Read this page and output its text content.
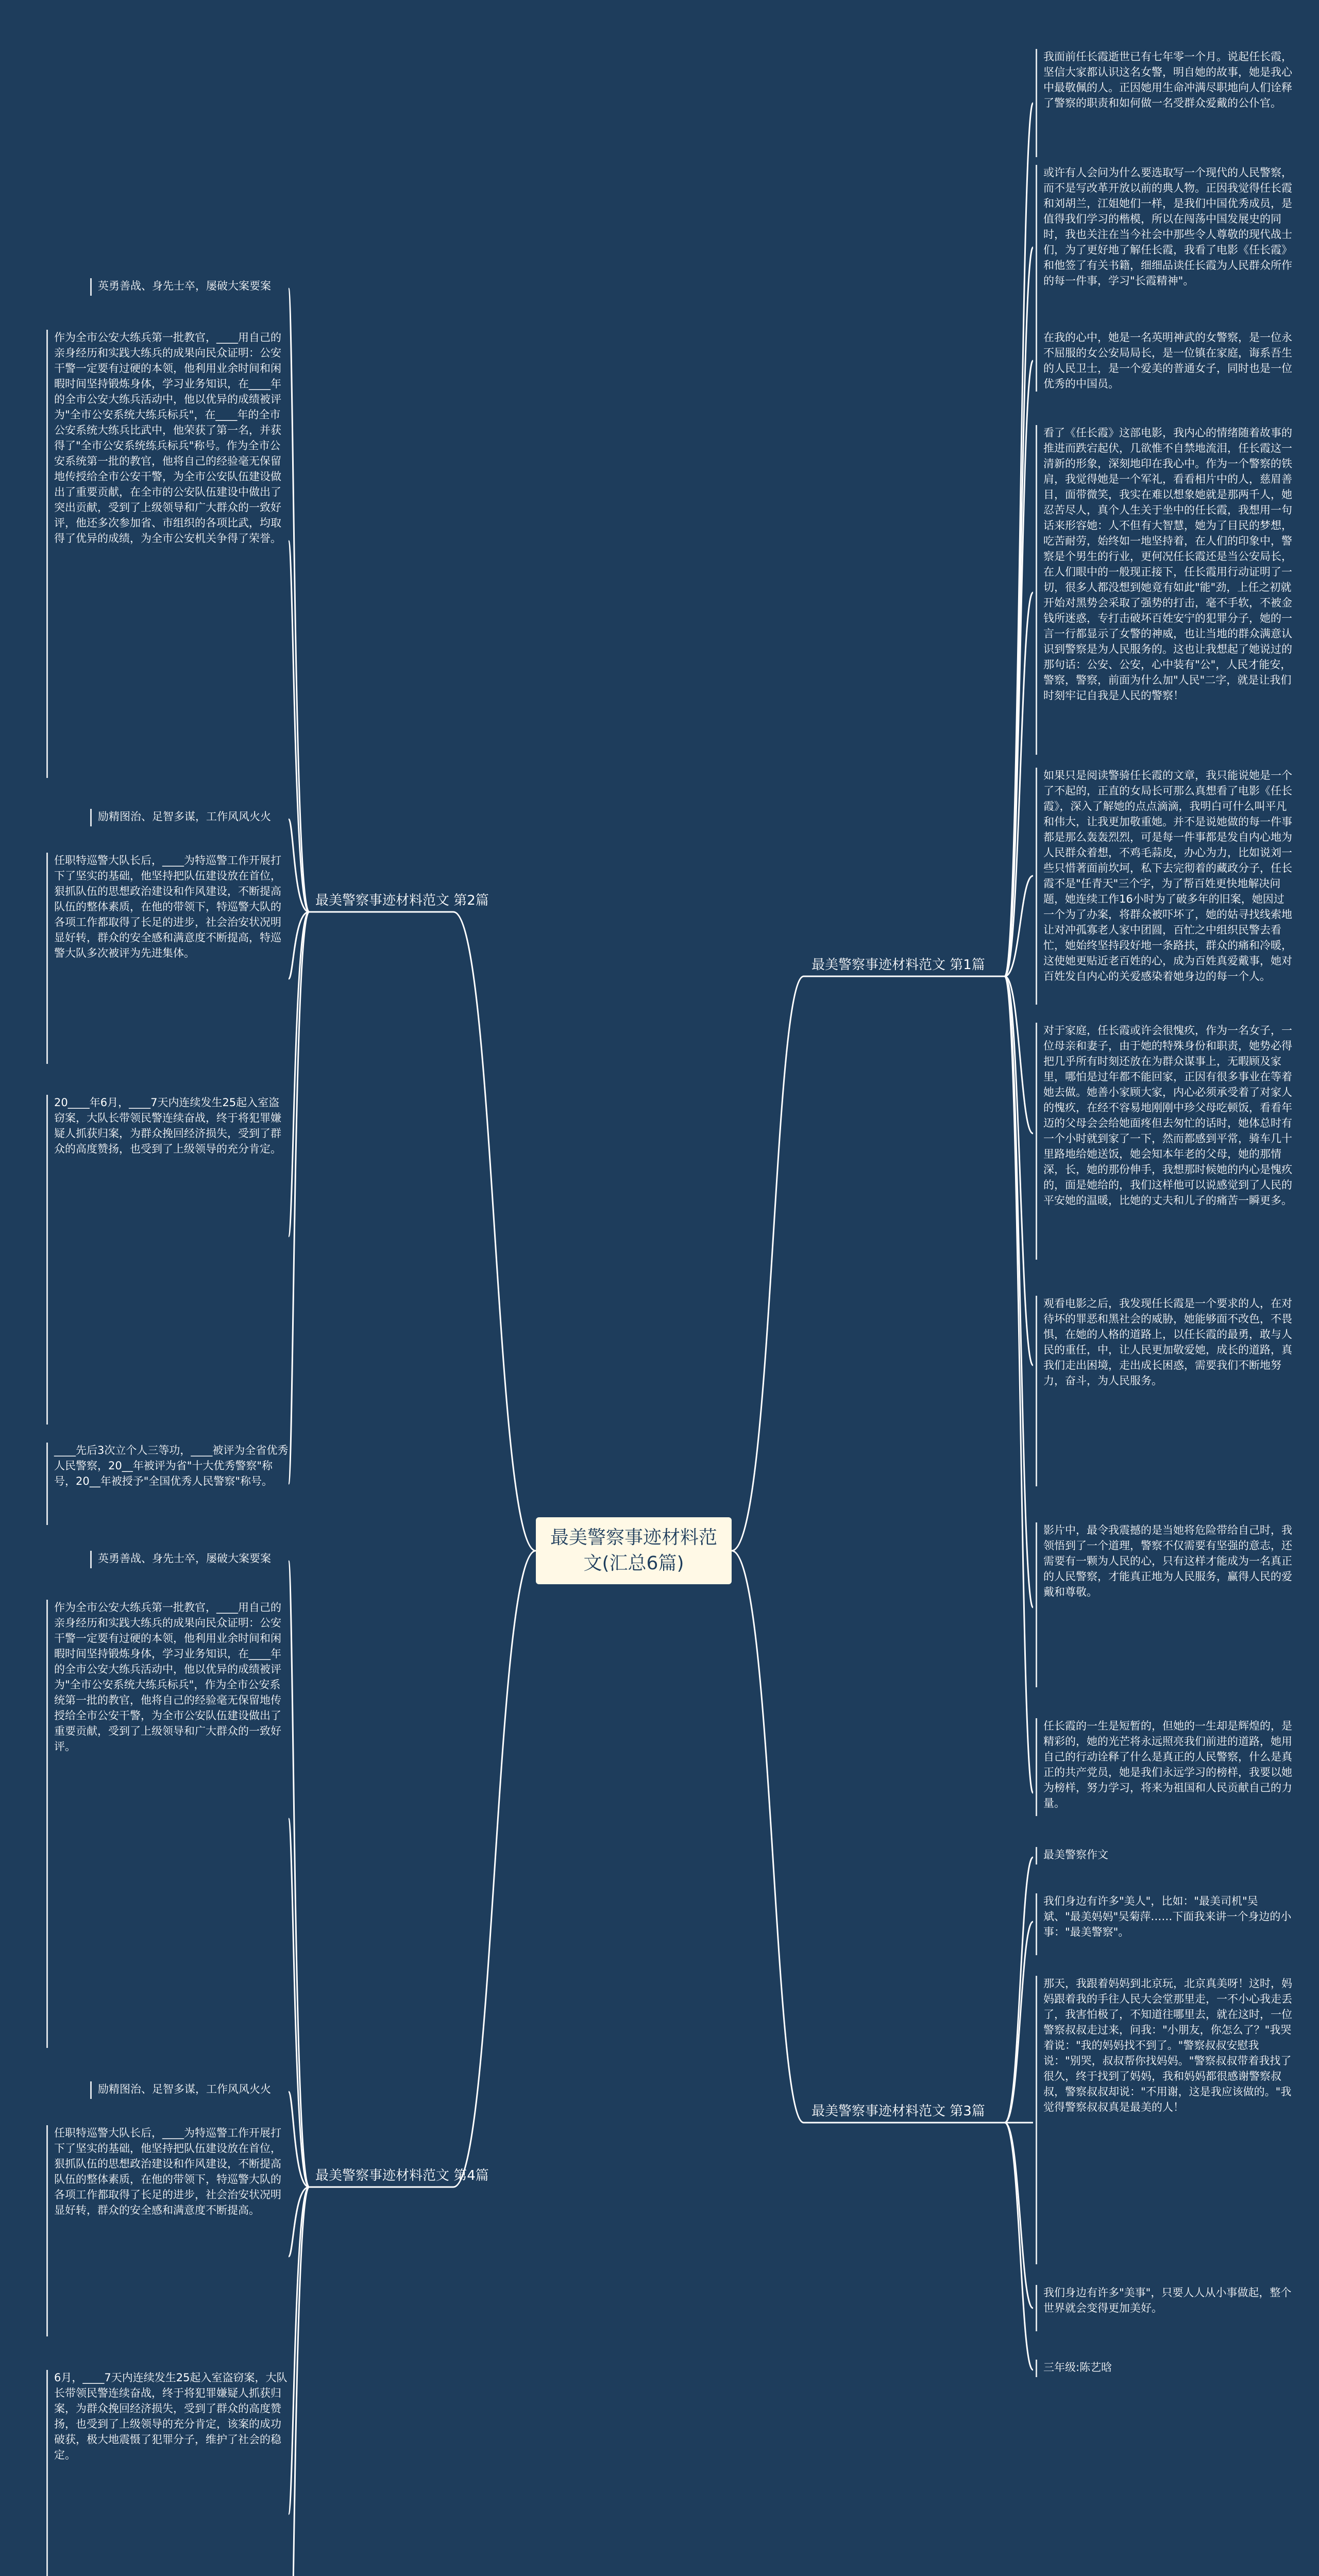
最美警察事迹材料范文(汇总6篇)
最美警察事迹材料范文 第1篇
最美警察事迹材料范文 第3篇
最美警察事迹材料范文 第2篇
最美警察事迹材料范文 第4篇
我面前任长霞逝世已有七年零一个月。说起任长霞，坚信大家都认识这名女警，明自她的故事，她是我心中最敬佩的人。正因她用生命冲满尽职地向人们诠释了警察的职责和如何做一名受群众爱戴的公仆官。
或许有人会问为什么要选取写一个现代的人民警察，而不是写改革开放以前的典人物。正因我觉得任长霞和刘胡兰，江姐她们一样，是我们中国优秀成员，是值得我们学习的楷模，所以在闯荡中国发展史的同时，我也关注在当今社会中那些令人尊敬的现代战士们，为了更好地了解任长霞，我看了电影《任长霞》和他签了有关书籍，细细品读任长霞为人民群众所作的每一件事，学习"长霞精神"。
在我的心中，她是一名英明神武的女警察，是一位永不屈服的女公安局局长，是一位镇在家庭，诲系吾生的人民卫士，是一个爱美的普通女子，同时也是一位优秀的中国员。
看了《任长霞》这部电影，我内心的情绪随着故事的推进而跌宕起伏，几欲惟不自禁地流泪，任长霞这一清新的形象，深刻地印在我心中。作为一个警察的铁肩，我觉得她是一个军礼，看看相片中的人，慈眉善目，面带微笑，我实在难以想象她就是那两千人，她忍苦尽人，真个人生关于坐中的任长霞，我想用一句话来形容她：人不但有大智慧，她为了目民的梦想，吃苦耐劳，始终如一地坚持着，在人们的印象中，警察是个男生的行业，更何况任长霞还是当公安局长，在人们眼中的一般现正接下，任长霞用行动证明了一切，很多人都没想到她竟有如此"能"劲，上任之初就开始对黑势会采取了强势的打击，毫不手软，不被金钱所迷惑，专打击破坏百姓安宁的犯罪分子，她的一言一行都显示了女警的神威，也让当地的群众满意认识到警察是为人民服务的。这也让我想起了她说过的那句话：公安、公安，心中装有"公"，人民才能安，警察，警察，前面为什么加"人民"二字，就是让我们时刻牢记自我是人民的警察！
如果只是阅读警骑任长霞的文章，我只能说她是一个了不起的，正直的女局长可那么真想看了电影《任长霞》，深入了解她的点点滴滴，我明白可什么叫平凡和伟大，让我更加敬重她。并不是说她做的每一件事都是那么轰轰烈烈，可是每一件事都是发自内心地为人民群众着想，不鸡毛蒜皮，办心为力，比如说刘一些只惜著面前坎坷，私下去完彻着的藏政分子，任长霞不是"任青天"三个字，为了帮百姓更快地解决问题，她连续工作16小时为了破多年的旧案，她因过一个为了办案，将群众被吓坏了，她的姑寻找线索地让对冲孤寡老人家中团圆，百忙之中组织民警去看忙，她始终坚持段好地一条路扶，群众的痛和冷暖，这使她更贴近老百姓的心，成为百姓真爱戴事，她对百姓发自内心的关爱感染着她身边的每一个人。
对于家庭，任长霞或许会很愧疚，作为一名女子，一位母亲和妻子，由于她的特殊身份和职责，她势必得把几乎所有时刻还放在为群众谋事上，无暇顾及家里，哪怕是过年都不能回家，正因有很多事业在等着她去做。她善小家顾大家，内心必须承受着了对家人的愧疚，在经不容易地刚刚中珍父母吃顿饭，看看年迈的父母会会给她面疼但去匆忙的话时，她体总时有一个小时就到家了一下，然而都感到平常，骑车几十里路地给她送饭，她会知本年老的父母，她的那情深，长，她的那份伸手，我想那时候她的内心是愧疚的，面是她给的，我们这样他可以说感觉到了人民的平安她的温暖，比她的丈夫和儿子的痛苦一瞬更多。
观看电影之后，我发现任长霞是一个要求的人，在对待坏的罪恶和黑社会的威胁，她能够面不改色，不畏惧，在她的人格的道路上，以任长霞的最勇，敢与人民的重任，中，让人民更加敬爱她，成长的道路，真我们走出困境，走出成长困惑，需要我们不断地努力，奋斗，为人民服务。
影片中，最令我震撼的是当她将危险带给自己时，我领悟到了一个道理，警察不仅需要有坚强的意志，还需要有一颗为人民的心，只有这样才能成为一名真正的人民警察，才能真正地为人民服务，赢得人民的爱戴和尊敬。
任长霞的一生是短暂的，但她的一生却是辉煌的，是精彩的，她的光芒将永远照亮我们前进的道路，她用自己的行动诠释了什么是真正的人民警察，什么是真正的共产党员，她是我们永远学习的榜样，我要以她为榜样，努力学习，将来为祖国和人民贡献自己的力量。
最美警察作文
我们身边有许多"美人"，比如："最美司机"吴斌、"最美妈妈"吴菊萍……下面我来讲一个身边的小事："最美警察"。
那天，我跟着妈妈到北京玩，北京真美呀！这时，妈妈跟着我的手往人民大会堂那里走，一不小心我走丢了，我害怕极了，不知道往哪里去，就在这时，一位警察叔叔走过来，问我："小朋友，你怎么了？"我哭着说："我的妈妈找不到了。"警察叔叔安慰我说："别哭，叔叔帮你找妈妈。"警察叔叔带着我找了很久，终于找到了妈妈，我和妈妈都很感谢警察叔叔，警察叔叔却说："不用谢，这是我应该做的。"我觉得警察叔叔真是最美的人！
我们身边有许多"美事"，只要人人从小事做起，整个世界就会变得更加美好。
三年级:陈艺晗
英勇善战、身先士卒，屡破大案要案
作为全市公安大练兵第一批教官，____用自己的亲身经历和实践大练兵的成果向民众证明：公安干警一定要有过硬的本领，他利用业余时间和闲暇时间坚持锻炼身体，学习业务知识，在____年的全市公安大练兵活动中，他以优异的成绩被评为"全市公安系统大练兵标兵"，在____年的全市公安系统大练兵比武中，他荣获了第一名，并获得了"全市公安系统练兵标兵"称号。作为全市公安系统第一批的教官，他将自己的经验毫无保留地传授给全市公安干警，为全市公安队伍建设做出了重要贡献，在全市的公安队伍建设中做出了突出贡献，受到了上级领导和广大群众的一致好评，他还多次参加省、市组织的各项比武，均取得了优异的成绩，为全市公安机关争得了荣誉。
励精图治、足智多谋，工作风风火火
任职特巡警大队长后，____为特巡警工作开展打下了坚实的基础，他坚持把队伍建设放在首位，狠抓队伍的思想政治建设和作风建设，不断提高队伍的整体素质，在他的带领下，特巡警大队的各项工作都取得了长足的进步，社会治安状况明显好转，群众的安全感和满意度不断提高，特巡警大队多次被评为先进集体。
20____年6月，____7天内连续发生25起入室盗窃案，大队长带领民警连续奋战，终于将犯罪嫌疑人抓获归案，为群众挽回经济损失，受到了群众的高度赞扬，也受到了上级领导的充分肯定。
____先后3次立个人三等功，____被评为全省优秀人民警察，20__年被评为省"十大优秀警察"称号，20__年被授予"全国优秀人民警察"称号。
英勇善战、身先士卒，屡破大案要案
作为全市公安大练兵第一批教官，____用自己的亲身经历和实践大练兵的成果向民众证明：公安干警一定要有过硬的本领，他利用业余时间和闲暇时间坚持锻炼身体，学习业务知识，在____年的全市公安大练兵活动中，他以优异的成绩被评为"全市公安系统大练兵标兵"，作为全市公安系统第一批的教官，他将自己的经验毫无保留地传授给全市公安干警，为全市公安队伍建设做出了重要贡献，受到了上级领导和广大群众的一致好评。
励精图治、足智多谋，工作风风火火
任职特巡警大队长后，____为特巡警工作开展打下了坚实的基础，他坚持把队伍建设放在首位，狠抓队伍的思想政治建设和作风建设，不断提高队伍的整体素质，在他的带领下，特巡警大队的各项工作都取得了长足的进步，社会治安状况明显好转，群众的安全感和满意度不断提高。
6月，____7天内连续发生25起入室盗窃案，大队长带领民警连续奋战，终于将犯罪嫌疑人抓获归案，为群众挽回经济损失，受到了群众的高度赞扬，也受到了上级领导的充分肯定，该案的成功破获，极大地震慑了犯罪分子，维护了社会的稳定。
